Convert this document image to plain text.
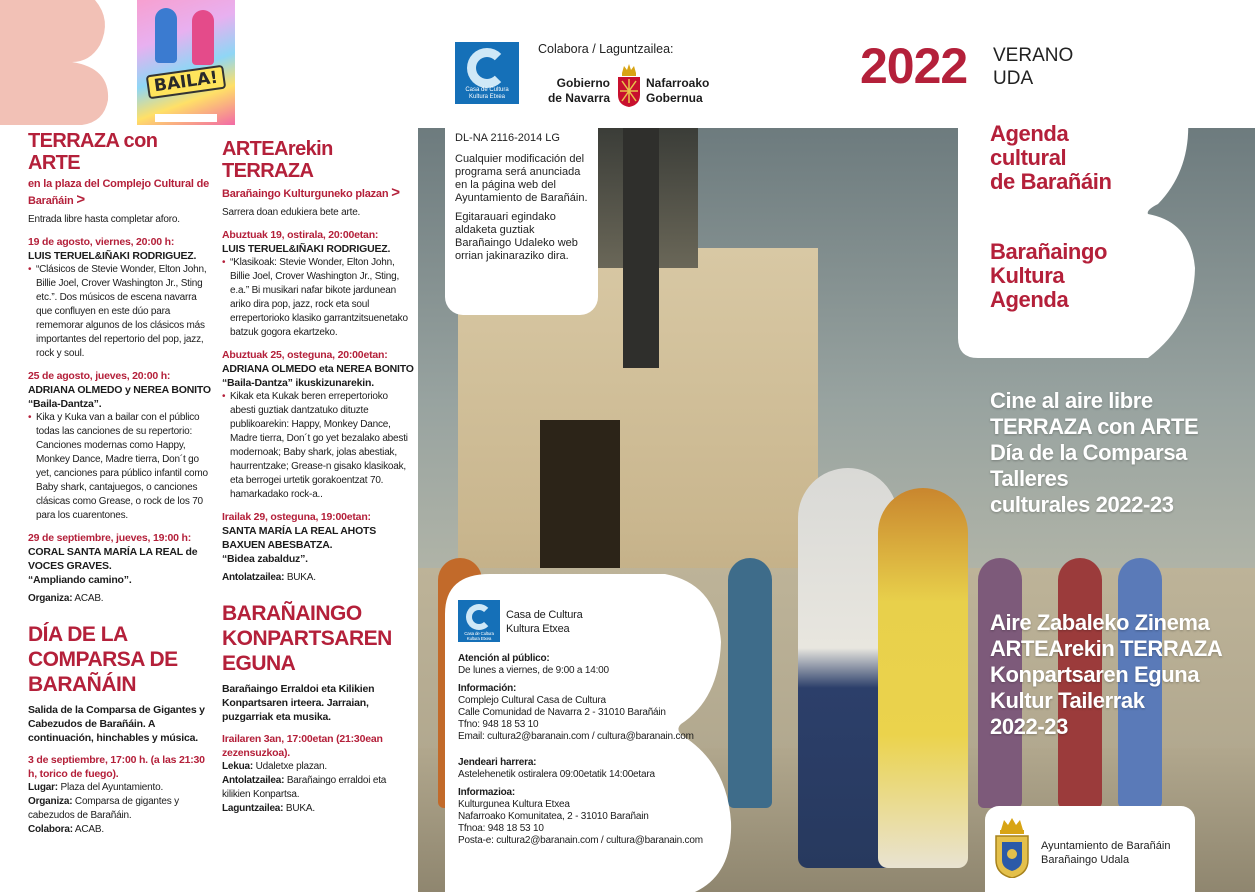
BAILA!
TERRAZA con ARTE
en la plaza del Complejo Cultural de Barañáin >
Entrada libre hasta completar aforo.
19 de agosto, viernes, 20:00 h:
LUIS TERUEL&IÑAKI RODRIGUEZ.
• “Clásicos de Stevie Wonder, Elton John, Billie Joel, Crover Washington Jr., Sting etc.”. Dos músicos de escena navarra que confluyen en este dúo para rememorar algunos de los clásicos más importantes del repertorio del pop, jazz, rock y soul.
25 de agosto, jueves, 20:00 h:
ADRIANA OLMEDO y NEREA BONITO “Baila-Dantza”.
• Kika y Kuka van a bailar con el público todas las canciones de su repertorio: Canciones modernas como Happy, Monkey Dance, Madre tierra, Don´t go yet, canciones para público infantil como Baby shark, cantajuegos, o canciones clásicas como Grease, o rock de los 70 para los cuarentones.
29 de septiembre, jueves, 19:00 h:
CORAL SANTA MARÍA LA REAL de VOCES GRAVES.
“Ampliando camino”.
Organiza: ACAB.
DÍA DE LA COMPARSA DE BARAÑÁIN
Salida de la Comparsa de Gigantes y Cabezudos de Barañáin. A continuación, hinchables y música.
3 de septiembre, 17:00 h. (a las 21:30 h, torico de fuego).
Lugar: Plaza del Ayuntamiento.
Organiza: Comparsa de gigantes y cabezudos de Barañáin.
Colabora: ACAB.
ARTEArekin TERRAZA
Barañaingo Kulturguneko plazan >
Sarrera doan edukiera bete arte.
Abuztuak 19, ostirala, 20:00etan:
LUIS TERUEL&IÑAKI RODRIGUEZ.
• “Klasikoak: Stevie Wonder, Elton John, Billie Joel, Crover Washington Jr., Sting, e.a.” Bi musikari nafar bikote jardunean ariko dira pop, jazz, rock eta soul errepertorioko klasiko garrantzitsuenetako batzuk gogora ekartzeko.
Abuztuak 25, osteguna, 20:00etan:
ADRIANA OLMEDO eta NEREA BONITO “Baila-Dantza” ikuskizunarekin.
• Kikak eta Kukak beren errepertorioko abesti guztiak dantzatuko dituzte publikoarekin: Happy, Monkey Dance, Madre tierra, Don´t go yet bezalako abesti modernoak; Baby shark, jolas abestiak, haurrentzake; Grease-n gisako klasikoak, eta berrogei urtetik gorakoentzat 70. hamarkadako rock-a..
Irailak 29, osteguna, 19:00etan:
SANTA MARÍA LA REAL AHOTS BAXUEN ABESBATZA.
“Bidea zabalduz”.
Antolatzailea: BUKA.
BARAÑAINGO KONPARTSAREN EGUNA
Barañaingo Erraldoi eta Kilikien Konpartsaren irteera. Jarraian, puzgarriak eta musika.
Irailaren 3an, 17:00etan (21:30ean zezensuzkoa).
Lekua: Udaletxe plazan.
Antolatzailea: Barañaingo erraldoi eta kilikien Konpartsa.
Laguntzailea: BUKA.
Casa de Cultura Kultura Etxea
Colabora / Laguntzailea:
Gobierno
de Navarra
Nafarroako
Gobernua
2022 VERANO
UDA
DL-NA 2116-2014 LG

Cualquier modificación del programa será anunciada en la página web del Ayuntamiento de Barañáin.

Egitarauari egindako aldaketa guztiak Barañaingo Udaleko web orrian jakinaraziko dira.

Agenda
cultural
de Barañáin
Barañaingo
Kultura
Agenda
Cine al aire libre
TERRAZA con ARTE
Día de la Comparsa
Talleres
culturales 2022-23
Aire Zabaleko Zinema
ARTEArekin TERRAZA
Konpartsaren Eguna
Kultur Tailerrak
2022-23
Casa de Cultura Kultura Etxea
Casa de Cultura
Kultura Etxea
Atención al público:
De lunes a viernes, de 9:00 a 14:00
Información:
Complejo Cultural Casa de Cultura
Calle Comunidad de Navarra 2 - 31010 Barañáin
Tfno: 948 18 53 10
Email: cultura2@baranain.com / cultura@baranain.com
Jendeari harrera:
Astelehenetik ostiralera 09:00etatik 14:00etara
Informazioa:
Kulturgunea Kultura Etxea
Nafarroako Komunitatea, 2 - 31010 Barañain
Tfnoa: 948 18 53 10
Posta-e: cultura2@baranain.com / cultura@baranain.com	Ayuntamiento de Barañáin
Barañaingo Udala
